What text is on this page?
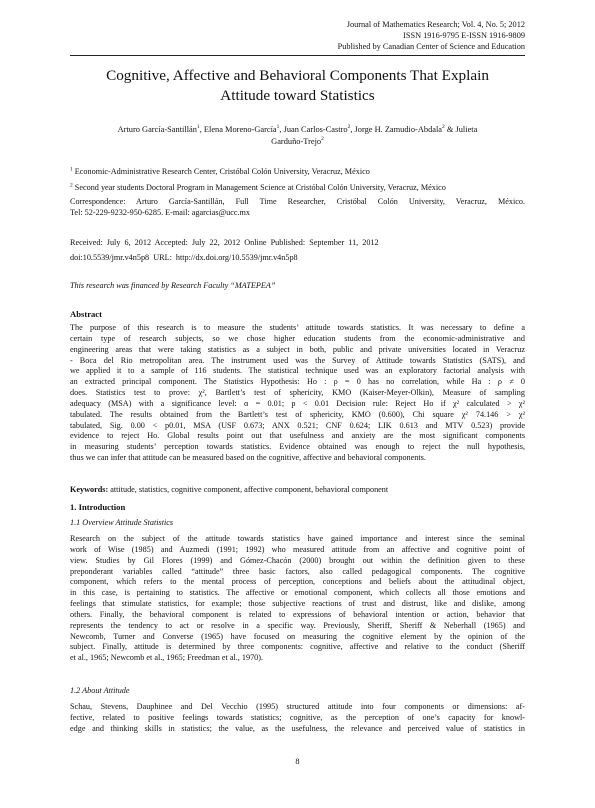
Journal of Mathematics Research; Vol. 4, No. 5; 2012
ISSN 1916-9795 E-ISSN 1916-9809
Published by Canadian Center of Science and Education
Cognitive, Affective and Behavioral Components That Explain
Attitude toward Statistics
Arturo García-Santillán$^1$, Elena Moreno-García$^1$, Juan Carlos-Castro$^2$, Jorge H. Zamudio-Abdala$^2$ & Julieta
Garduño-Trejo$^2$
$^1$ Economic-Administrative Research Center, Cristóbal Colón University, Veracruz, México
$^2$ Second year students Doctoral Program in Management Science at Cristóbal Colón University, Veracruz, México
Correspondence: Arturo García-Santillán, Full Time Researcher, Cristóbal Colón University, Veracruz, México.
Tel: 52-229-9232-950-6285. E-mail: agarcias@ucc.mx
Received: July 6, 2012 Accepted: July 22, 2012 Online Published: September 11, 2012
doi:10.5539/jmr.v4n5p8 URL: http://dx.doi.org/10.5539/jmr.v4n5p8
This research was financed by Research Faculty “MATEPEA”
Abstract
The purpose of this research is to measure the students’ attitude towards statistics. It was necessary to define a
certain type of research subjects, so we chose higher education students from the economic-administrative and
engineering areas that were taking statistics as a subject in both, public and private universities located in Veracruz
- Boca del Rio metropolitan area. The instrument used was the Survey of Attitude towards Statistics (SATS), and
we applied it to a sample of 116 students. The statistical technique used was an exploratory factorial analysis with
an extracted principal component. The Statistics Hypothesis: Ho : ρ = 0 has no correlation, while Ha : ρ ≠ 0
does. Statistics test to prove: χ², Bartlett’s test of sphericity, KMO (Kaiser-Meyer-Olkin), Measure of sampling
adequacy (MSA) with a significance level: α = 0.01; p < 0.01 Decision rule: Reject Ho if χ² calculated > χ²
tabulated. The results obtained from the Bartlett’s test of sphericity, KMO (0.600), Chi square χ² 74.146 > χ²
tabulated, Sig. 0.00 < p0.01, MSA (USF 0.673; ANX 0.521; CNF 0.624; LIK 0.613 and MTV 0.523) provide
evidence to reject Ho. Global results point out that usefulness and anxiety are the most significant components
in measuring students’ perception towards statistics. Evidence obtained was enough to reject the null hypothesis,
thus we can infer that attitude can be measured based on the cognitive, affective and behavioral components.
Keywords: attitude, statistics, cognitive component, affective component, behavioral component
1. Introduction
1.1 Overview Attitude Statistics
Research on the subject of the attitude towards statistics have gained importance and interest since the seminal
work of Wise (1985) and Auzmedi (1991; 1992) who measured attitude from an affective and cognitive point of
view. Studies by Gil Flores (1999) and Gómez-Chacón (2000) brought out within the definition given to these
preponderant variables called “attitude” three basic factors, also called pedagogical components. The cognitive
component, which refers to the mental process of perception, conceptions and beliefs about the attitudinal object,
in this case, is pertaining to statistics. The affective or emotional component, which collects all those emotions and
feelings that stimulate statistics, for example; those subjective reactions of trust and distrust, like and dislike, among
others. Finally, the behavioral component is related to expressions of behavioral intention or action, behavior that
represents the tendency to act or resolve in a specific way. Previously, Sheriff, Sheriff & Neberhall (1965) and
Newcomb, Turner and Converse (1965) have focused on measuring the cognitive element by the opinion of the
subject. Finally, attitude is determined by three components: cognitive, affective and relative to the conduct (Sheriff
et al., 1965; Newcomb et al., 1965; Freedman et al., 1970).
1.2 About Attitude
Schau, Stevens, Dauphinee and Del Vecchio (1995) structured attitude into four components or dimensions: af-
fective, related to positive feelings towards statistics; cognitive, as the perception of one’s capacity for knowl-
edge and thinking skills in statistics; the value, as the usefulness, the relevance and perceived value of statistics in
8
